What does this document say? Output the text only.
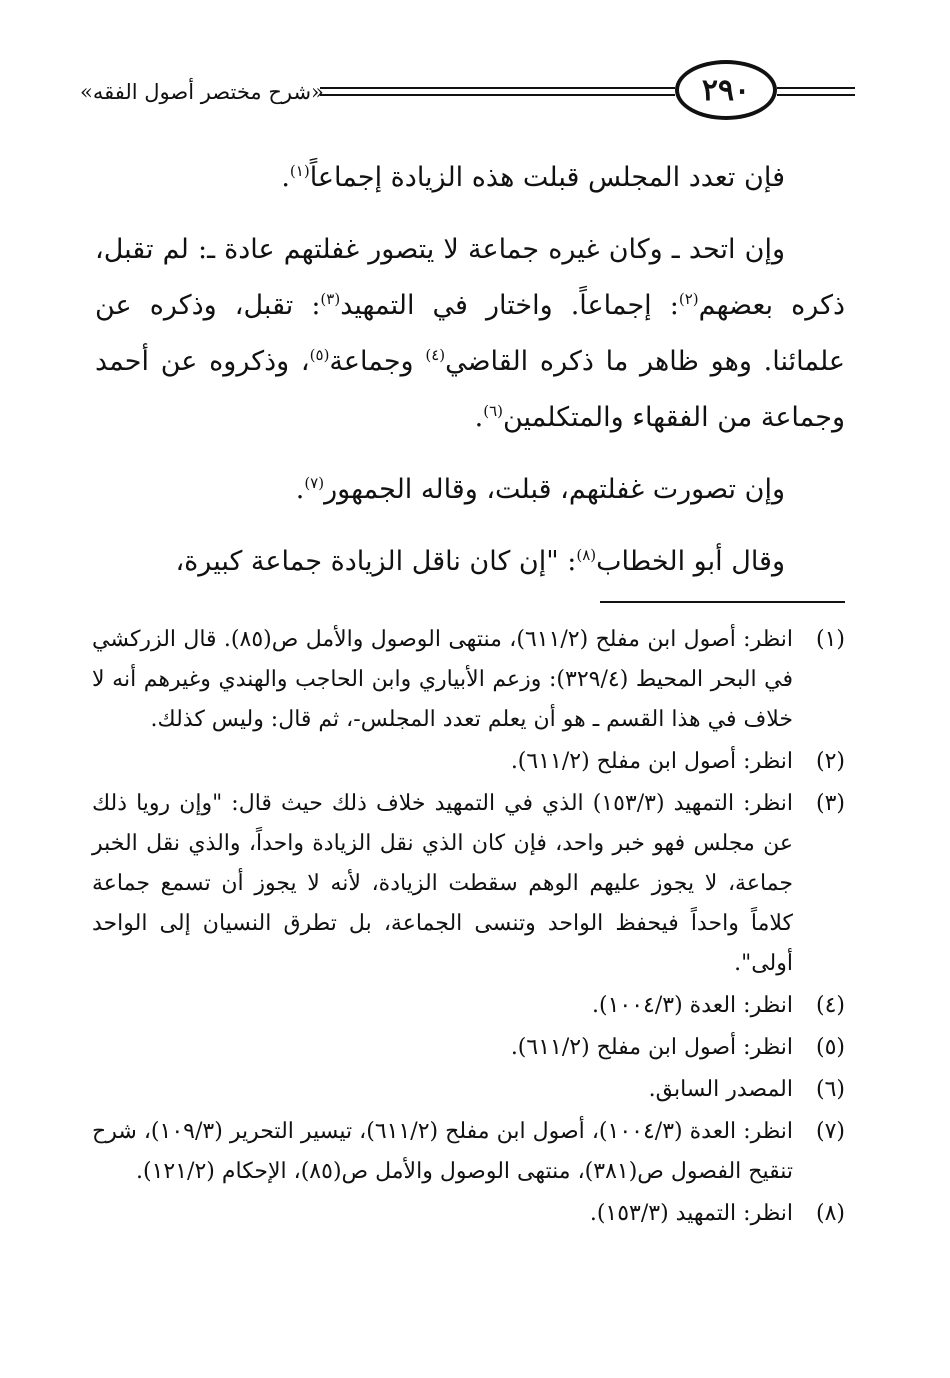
«شرح مختصر أصول الفقه»	٢٩٠

فإن تعدد المجلس قبلت هذه الزيادة إجماعاً$^{(١)}$.

وإن اتحد ـ وكان غيره جماعة لا يتصور غفلتهم عادة ـ: لم تقبل، ذكره بعضهم$^{(٢)}$: إجماعاً. واختار في التمهيد$^{(٣)}$: تقبل، وذكره عن علمائنا. وهو ظاهر ما ذكره القاضي$^{(٤)}$ وجماعة$^{(٥)}$، وذكروه عن أحمد وجماعة من الفقهاء والمتكلمين$^{(٦)}$.

وإن تصورت غفلتهم، قبلت، وقاله الجمهور$^{(٧)}$.

وقال أبو الخطاب$^{(٨)}$: "إن كان ناقل الزيادة جماعة كبيرة،

(١)
انظر: أصول ابن مفلح (٦١١/٢)، منتهى الوصول والأمل ص(٨٥). قال الزركشي في البحر المحيط (٣٢٩/٤): وزعم الأبياري وابن الحاجب والهندي وغيرهم أنه لا خلاف في هذا القسم ـ هو أن يعلم تعدد المجلس-، ثم قال: وليس كذلك.
(٢)
انظر: أصول ابن مفلح (٦١١/٢).
(٣)
انظر: التمهيد (١٥٣/٣) الذي في التمهيد خلاف ذلك حيث قال: "وإن رويا ذلك عن مجلس فهو خبر واحد، فإن كان الذي نقل الزيادة واحداً، والذي نقل الخبر جماعة، لا يجوز عليهم الوهم سقطت الزيادة، لأنه لا يجوز أن تسمع جماعة كلاماً واحداً فيحفظ الواحد وتنسى الجماعة، بل تطرق النسيان إلى الواحد أولى".
(٤)
انظر: العدة (١٠٠٤/٣).
(٥)
انظر: أصول ابن مفلح (٦١١/٢).
(٦)
المصدر السابق.
(٧)
انظر: العدة (١٠٠٤/٣)، أصول ابن مفلح (٦١١/٢)، تيسير التحرير (١٠٩/٣)، شرح تنقيح الفصول ص(٣٨١)، منتهى الوصول والأمل ص(٨٥)، الإحكام (١٢١/٢).
(٨)
انظر: التمهيد (١٥٣/٣).
